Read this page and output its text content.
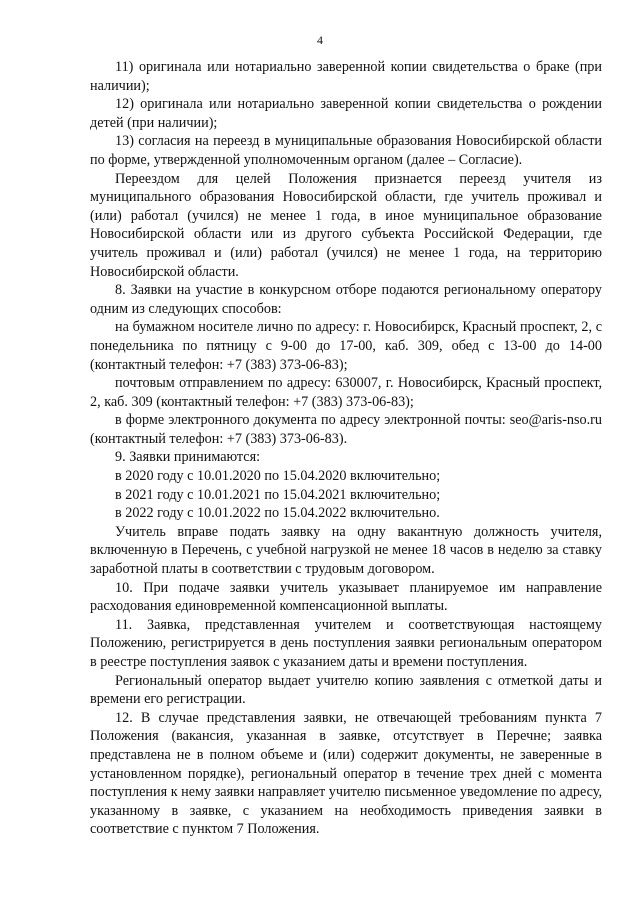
4

11) оригинала или нотариально заверенной копии свидетельства о браке (при наличии);

12) оригинала или нотариально заверенной копии свидетельства о рождении детей (при наличии);

13) согласия на переезд в муниципальные образования Новосибирской области по форме, утвержденной уполномоченным органом (далее – Согласие).

Переездом для целей Положения признается переезд учителя из муниципального образования Новосибирской области, где учитель проживал и (или) работал (учился) не менее 1 года, в иное муниципальное образование Новосибирской области или из другого субъекта Российской Федерации, где учитель проживал и (или) работал (учился) не менее 1 года, на территорию Новосибирской области.

8. Заявки на участие в конкурсном отборе подаются региональному оператору одним из следующих способов:

на бумажном носителе лично по адресу: г. Новосибирск, Красный проспект, 2, с понедельника по пятницу с 9-00 до 17-00, каб. 309, обед с 13-00 до 14-00 (контактный телефон: +7 (383) 373-06-83);

почтовым отправлением по адресу: 630007, г. Новосибирск, Красный проспект, 2, каб. 309 (контактный телефон: +7 (383) 373-06-83);

в форме электронного документа по адресу электронной почты: seo@aris-nso.ru (контактный телефон: +7 (383) 373-06-83).

9. Заявки принимаются:

в 2020 году с 10.01.2020 по 15.04.2020 включительно;

в 2021 году с 10.01.2021 по 15.04.2021 включительно;

в 2022 году с 10.01.2022 по 15.04.2022 включительно.

Учитель вправе подать заявку на одну вакантную должность учителя, включенную в Перечень, с учебной нагрузкой не менее 18 часов в неделю за ставку заработной платы в соответствии с трудовым договором.

10. При подаче заявки учитель указывает планируемое им направление расходования единовременной компенсационной выплаты.

11. Заявка, представленная учителем и соответствующая настоящему Положению, регистрируется в день поступления заявки региональным оператором в реестре поступления заявок с указанием даты и времени поступления.

Региональный оператор выдает учителю копию заявления с отметкой даты и времени его регистрации.

12. В случае представления заявки, не отвечающей требованиям пункта 7 Положения (вакансия, указанная в заявке, отсутствует в Перечне; заявка представлена не в полном объеме и (или) содержит документы, не заверенные в установленном порядке), региональный оператор в течение трех дней с момента поступления к нему заявки направляет учителю письменное уведомление по адресу, указанному в заявке, с указанием на необходимость приведения заявки в соответствие с пунктом 7 Положения.
